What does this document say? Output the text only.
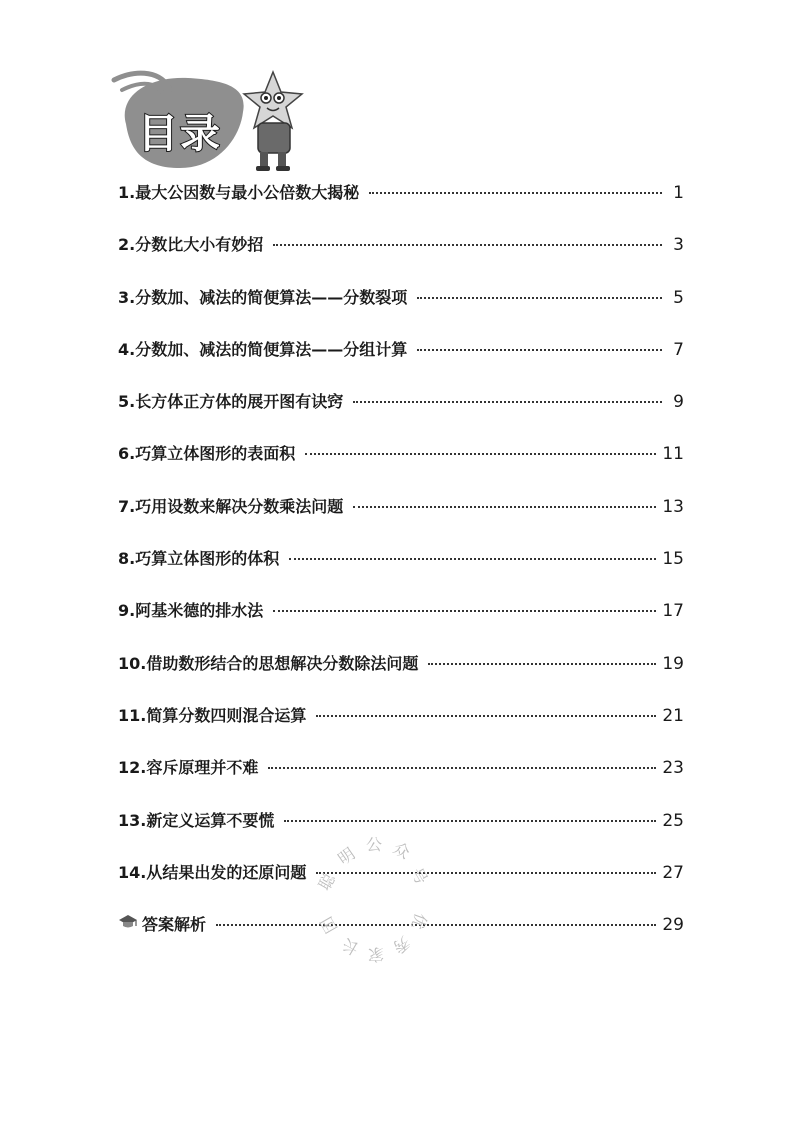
目录
1.最大公因数与最小公倍数大揭秘	1
2.分数比大小有妙招	3
3.分数加、减法的简便算法——分数裂项	5
4.分数加、减法的简便算法——分组计算	7
5.长方体正方体的展开图有诀窍	9
6.巧算立体图形的表面积	11
7.巧用设数来解决分数乘法问题	13
8.巧算立体图形的体积	15
9.阿基米德的排水法	17
10.借助数形结合的思想解决分数除法问题	19
11.简算分数四则混合运算	21
12.容斥原理并不难	23
13.新定义运算不要慌	25
14.从结果出发的还原问题	27
答案解析	29
聪
明 公 众
号
优
秀
家
长
团
